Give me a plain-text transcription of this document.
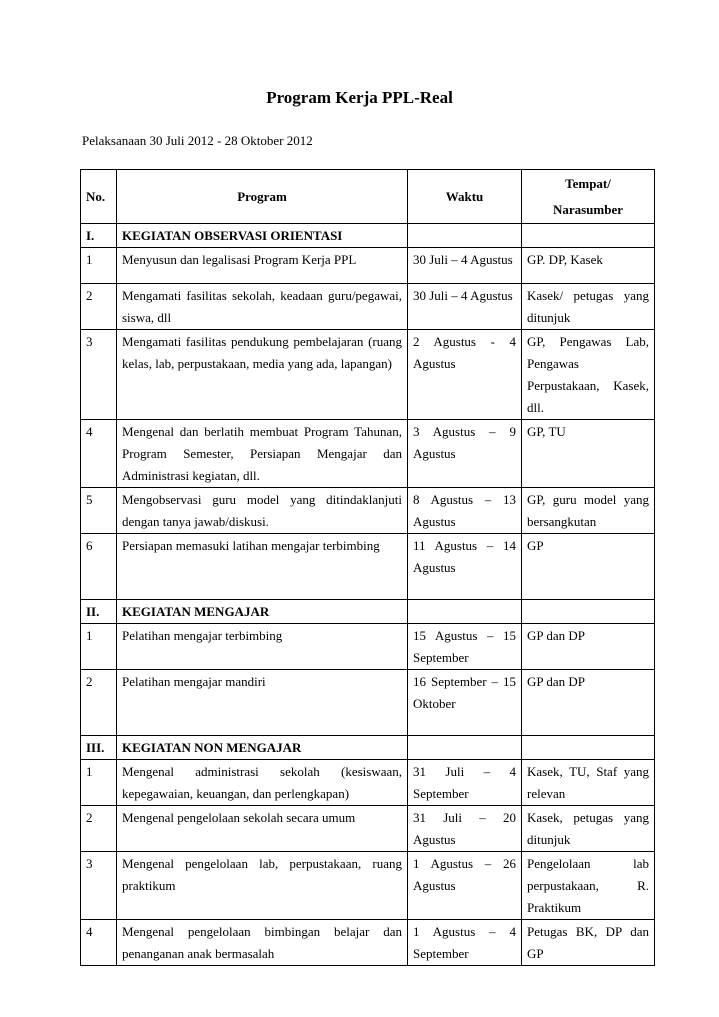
Program Kerja PPL-Real
Pelaksanaan 30 Juli 2012 - 28 Oktober 2012
No.	Program	Waktu	Tempat/
Narasumber
I.	KEGIATAN OBSERVASI ORIENTASI		
1	Menyusun dan legalisasi Program Kerja PPL	30 Juli – 4 Agustus	GP. DP, Kasek
2	Mengamati fasilitas sekolah, keadaan guru/pegawai, siswa, dll	30 Juli – 4 Agustus	Kasek/ petugas yang ditunjuk
3	Mengamati fasilitas pendukung pembelajaran (ruang kelas, lab, perpustakaan, media yang ada, lapangan)	2 Agustus - 4 Agustus	GP, Pengawas Lab, Pengawas Perpustakaan, Kasek, dll.
4	Mengenal dan berlatih membuat Program Tahunan, Program Semester, Persiapan Mengajar dan Administrasi kegiatan, dll.	3 Agustus – 9 Agustus	GP, TU
5	Mengobservasi guru model yang ditindaklanjuti dengan tanya jawab/diskusi.	8 Agustus – 13 Agustus	GP, guru model yang bersangkutan
6	Persiapan memasuki latihan mengajar terbimbing	11 Agustus – 14 Agustus	GP
II.	KEGIATAN MENGAJAR		
1	Pelatihan mengajar terbimbing	15 Agustus – 15 September	GP dan DP
2	Pelatihan mengajar mandiri	16 September – 15 Oktober	GP dan DP
III.	KEGIATAN NON MENGAJAR		
1	Mengenal administrasi sekolah (kesiswaan, kepegawaian, keuangan, dan perlengkapan)	31 Juli – 4 September	Kasek, TU, Staf yang relevan
2	Mengenal pengelolaan sekolah secara umum	31 Juli – 20 Agustus	Kasek, petugas yang ditunjuk
3	Mengenal pengelolaan lab, perpustakaan, ruang praktikum	1 Agustus – 26 Agustus	Pengelolaan lab perpustakaan, R. Praktikum
4	Mengenal pengelolaan bimbingan belajar dan penanganan anak bermasalah	1 Agustus – 4 September	Petugas BK, DP dan GP
